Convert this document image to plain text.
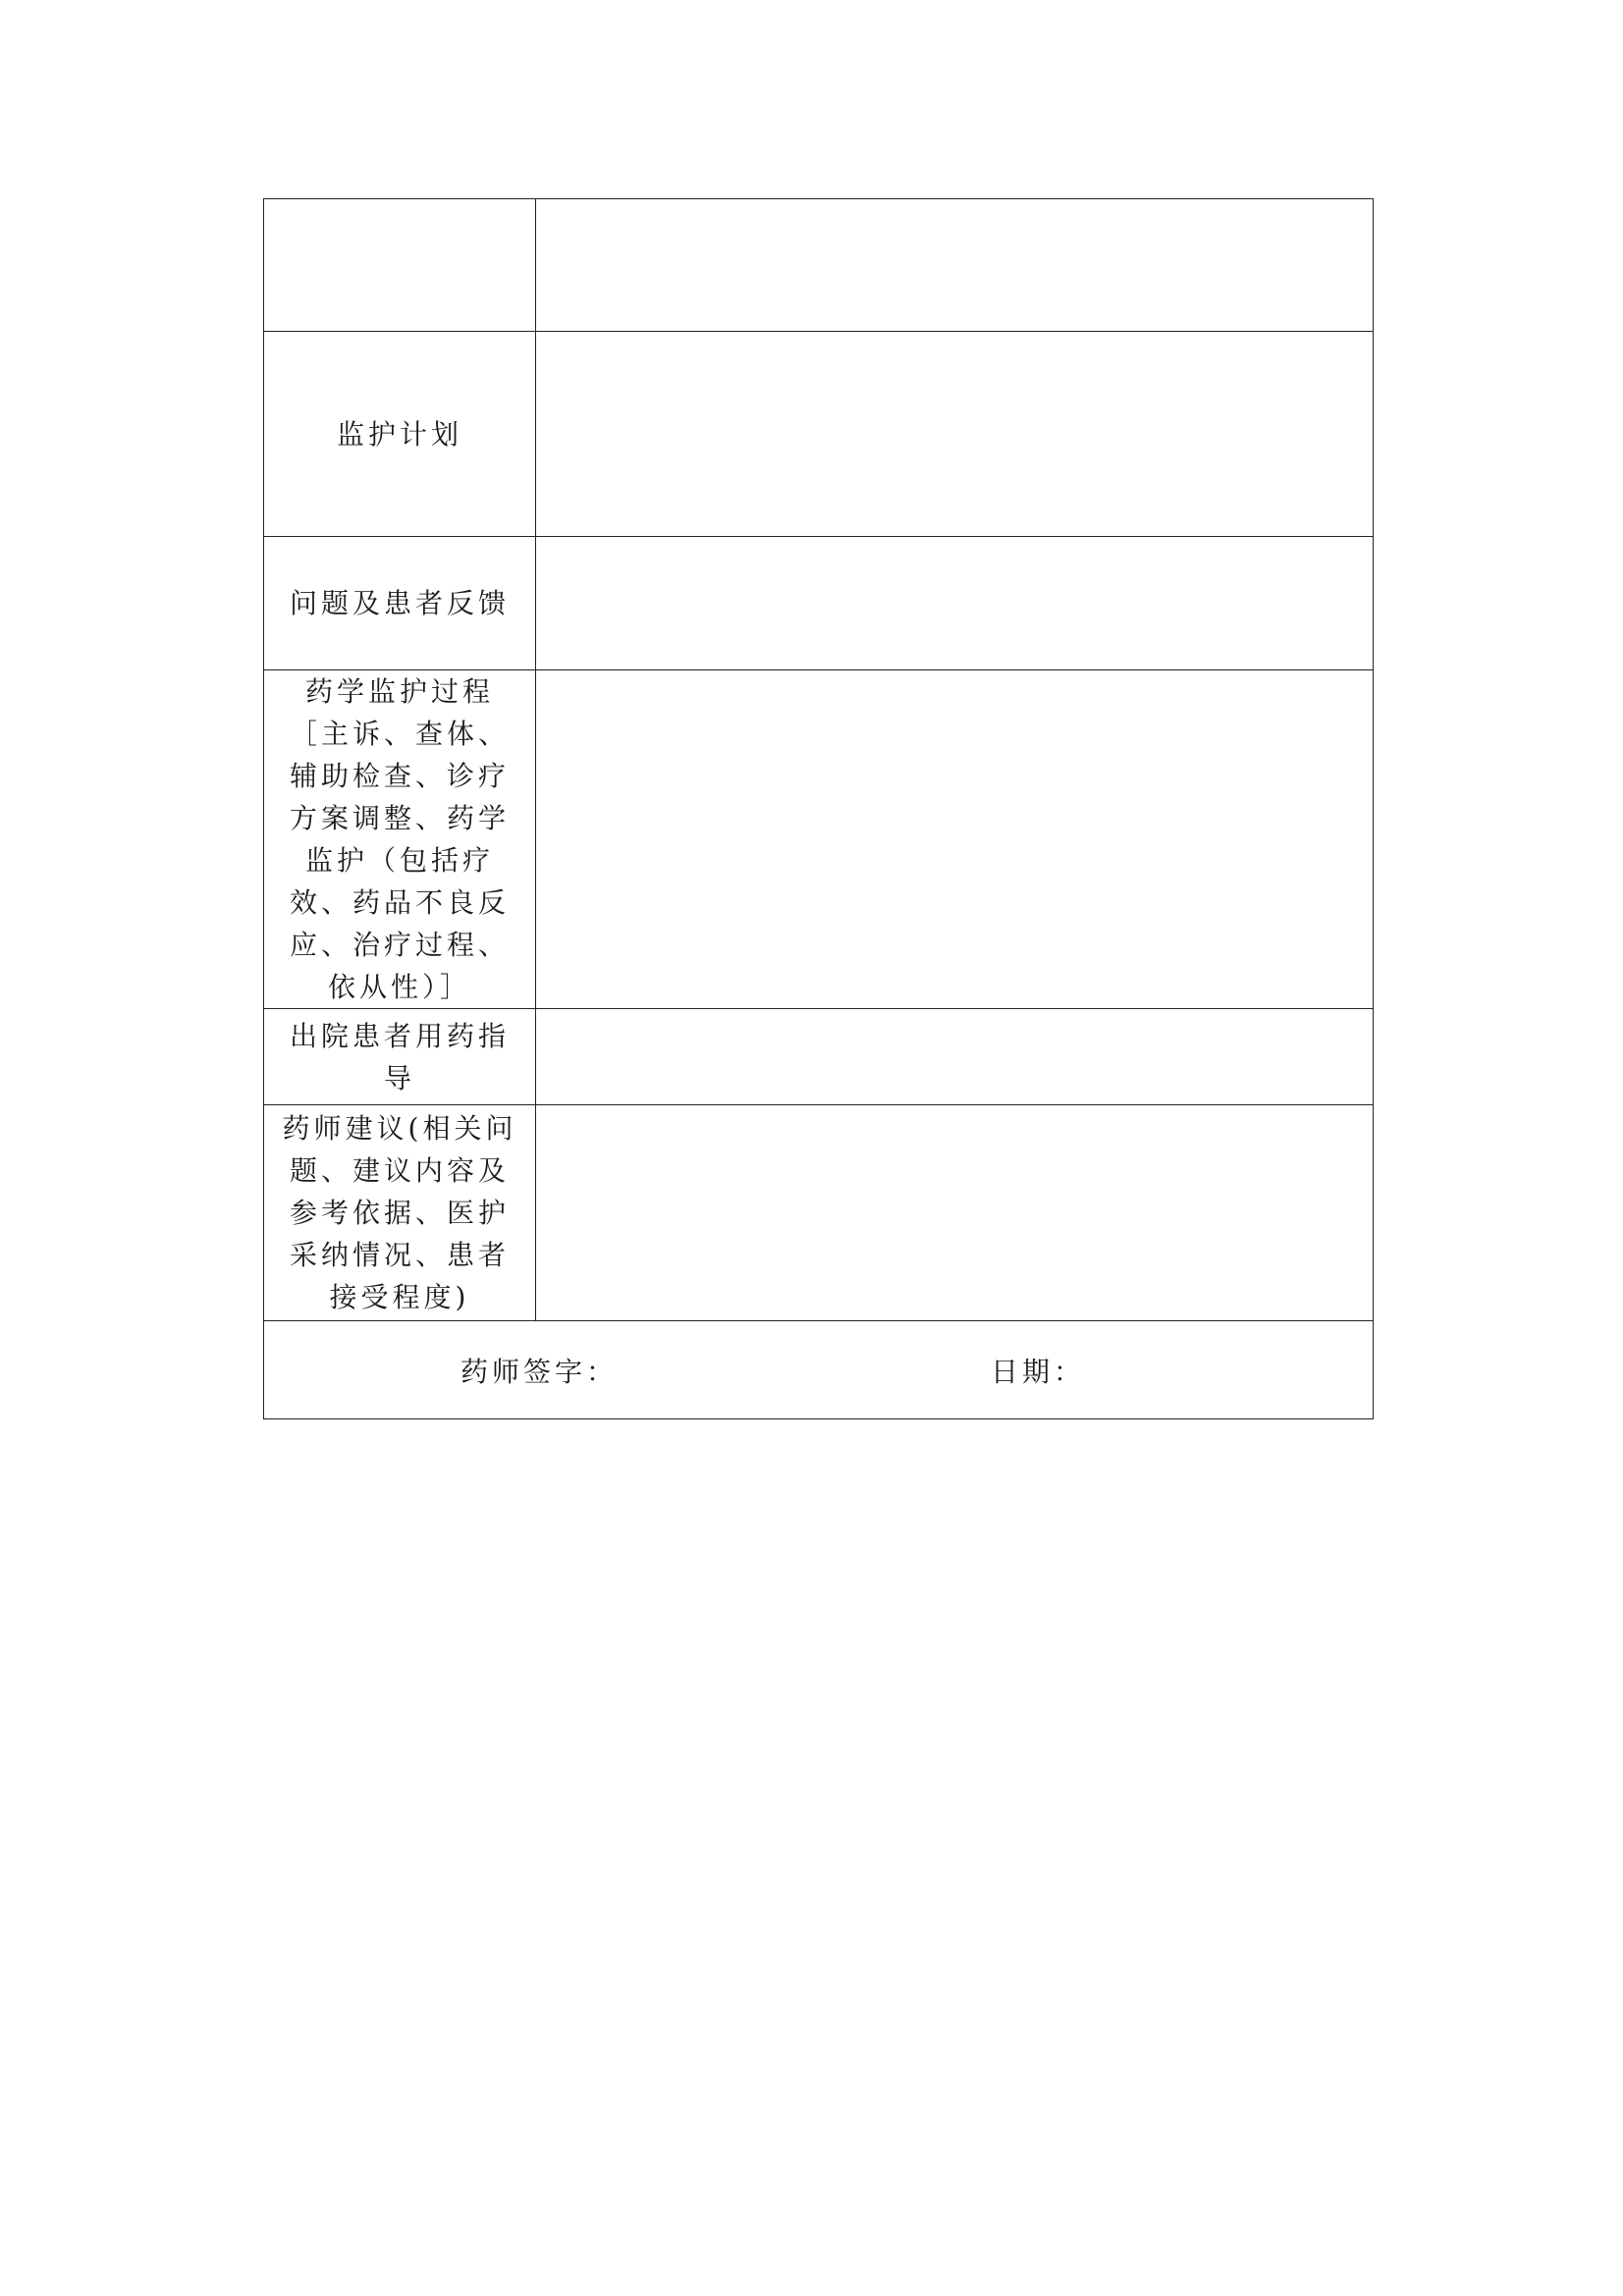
监护计划	
问题及患者反馈	
药学监护过程［主诉、查体、辅助检查、诊疗方案调整、药学监护（包括疗效、药品不良反应、治疗过程、依从性）］	
出院患者用药指导	
药师建议(相关问题、建议内容及参考依据、医护采纳情况、患者接受程度)	

药师签字： 日期：	
